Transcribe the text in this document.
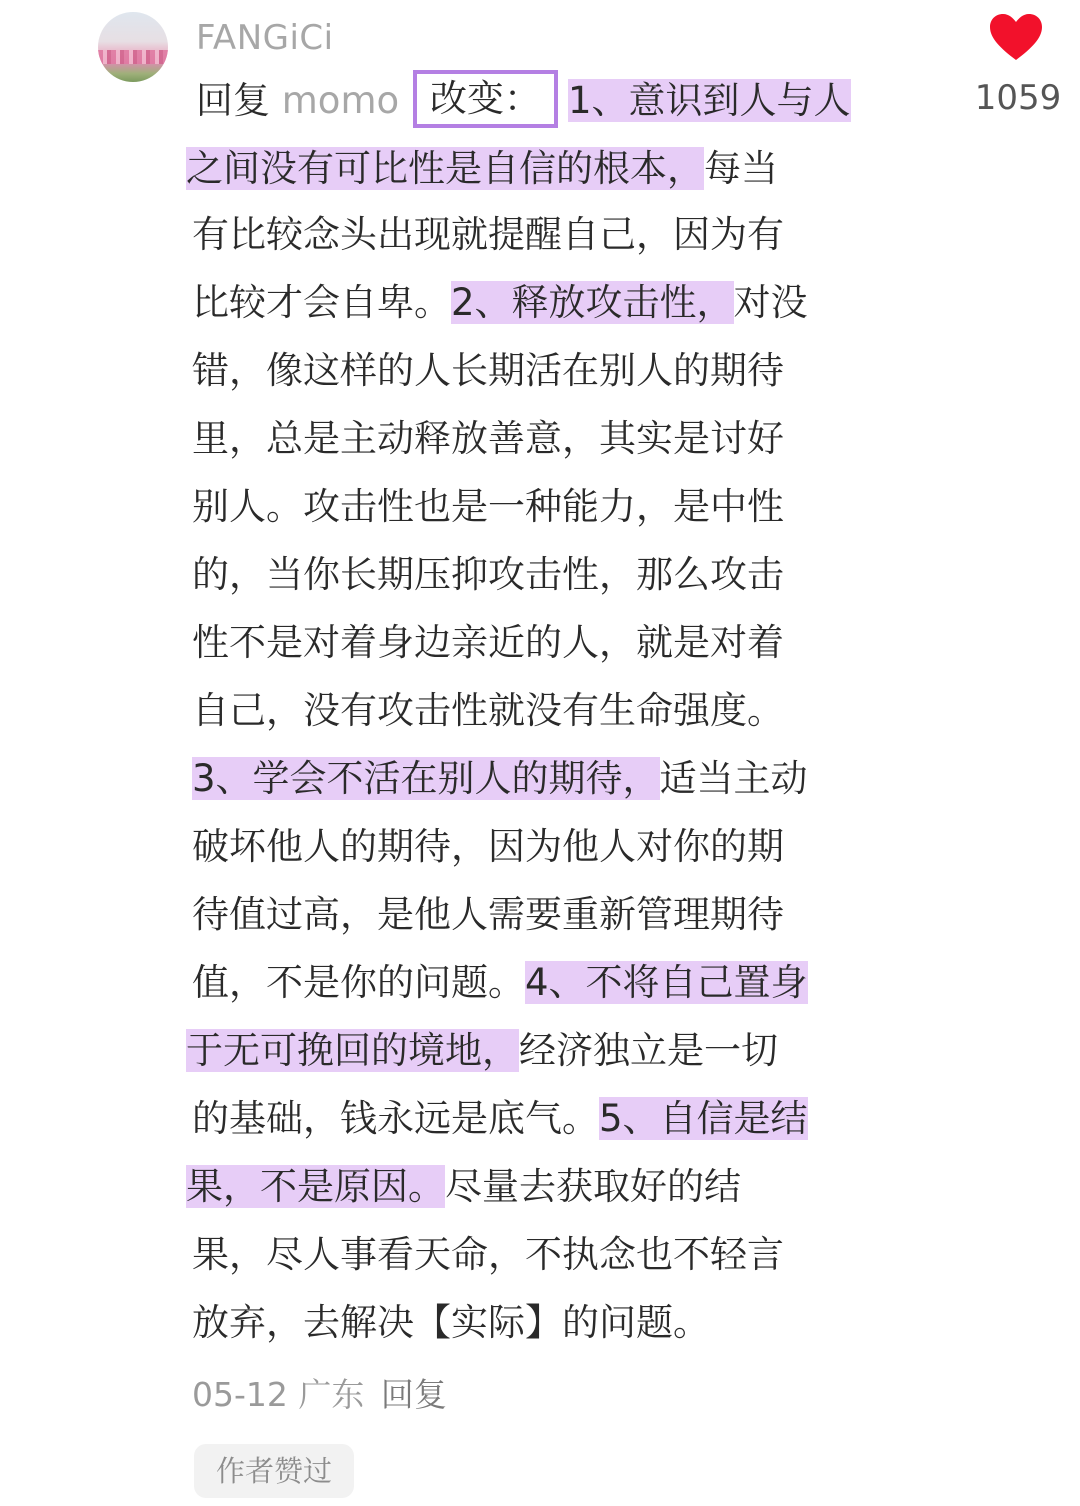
FANGiCi
1059
回复 momo 改变： 1、意识到人与人
之间没有可比性是自信的根本，每当
有比较念头出现就提醒自己，因为有
比较才会自卑。2、释放攻击性，对没
错，像这样的人长期活在别人的期待
里，总是主动释放善意，其实是讨好
别人。攻击性也是一种能力，是中性
的，当你长期压抑攻击性，那么攻击
性不是对着身边亲近的人，就是对着
自己，没有攻击性就没有生命强度。
3、学会不活在别人的期待，适当主动
破坏他人的期待，因为他人对你的期
待值过高，是他人需要重新管理期待
值，不是你的问题。4、不将自己置身
于无可挽回的境地，经济独立是一切
的基础，钱永远是底气。5、自信是结
果，不是原因。尽量去获取好的结
果，尽人事看天命，不执念也不轻言
放弃，去解决【实际】的问题。
05-12 广东 回复
作者赞过
